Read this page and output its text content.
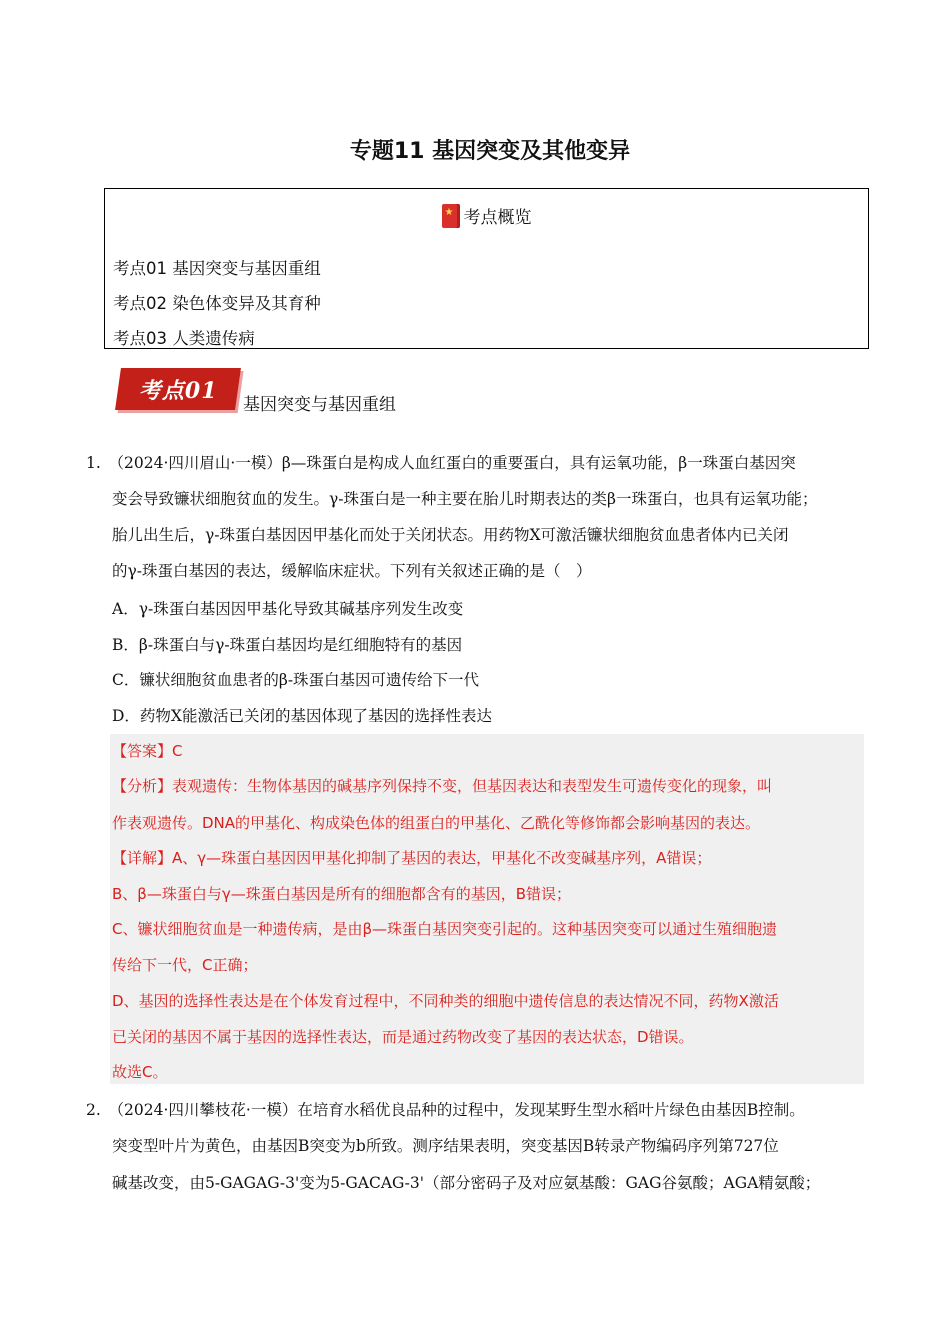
专题11 基因突变及其他变异
★
考点概览
考点01 基因突变与基因重组
考点02 染色体变异及其育种
考点03 人类遗传病
考点01
基因突变与基因重组
1.　（2024·四川眉山·一模）β—珠蛋白是构成人血红蛋白的重要蛋白，具有运氧功能，β一珠蛋白基因突
变会导致镰状细胞贫血的发生。γ-珠蛋白是一种主要在胎儿时期表达的类β一珠蛋白，也具有运氧功能；
胎儿出生后，γ-珠蛋白基因因甲基化而处于关闭状态。用药物X可激活镰状细胞贫血患者体内已关闭
的γ-珠蛋白基因的表达，缓解临床症状。下列有关叙述正确的是（　）
A．γ-珠蛋白基因因甲基化导致其碱基序列发生改变
B．β-珠蛋白与γ-珠蛋白基因均是红细胞特有的基因
C．镰状细胞贫血患者的β-珠蛋白基因可遗传给下一代
D．药物X能激活已关闭的基因体现了基因的选择性表达
【答案】C
【分析】表观遗传：生物体基因的碱基序列保持不变，但基因表达和表型发生可遗传变化的现象，叫
作表观遗传。DNA的甲基化、构成染色体的组蛋白的甲基化、乙酰化等修饰都会影响基因的表达。
【详解】A、γ—珠蛋白基因因甲基化抑制了基因的表达，甲基化不改变碱基序列，A错误；
B、β—珠蛋白与γ—珠蛋白基因是所有的细胞都含有的基因，B错误；
C、镰状细胞贫血是一种遗传病，是由β—珠蛋白基因突变引起的。这种基因突变可以通过生殖细胞遗
传给下一代，C正确；
D、基因的选择性表达是在个体发育过程中，不同种类的细胞中遗传信息的表达情况不同，药物X激活
已关闭的基因不属于基因的选择性表达，而是通过药物改变了基因的表达状态，D错误。
故选C。
2.　（2024·四川攀枝花·一模）在培育水稻优良品种的过程中，发现某野生型水稻叶片绿色由基因B控制。
突变型叶片为黄色，由基因B突变为b所致。测序结果表明，突变基因B转录产物编码序列第727位
碱基改变，由5-GAGAG-3'变为5-GACAG-3'（部分密码子及对应氨基酸：GAG谷氨酸；AGA精氨酸；
